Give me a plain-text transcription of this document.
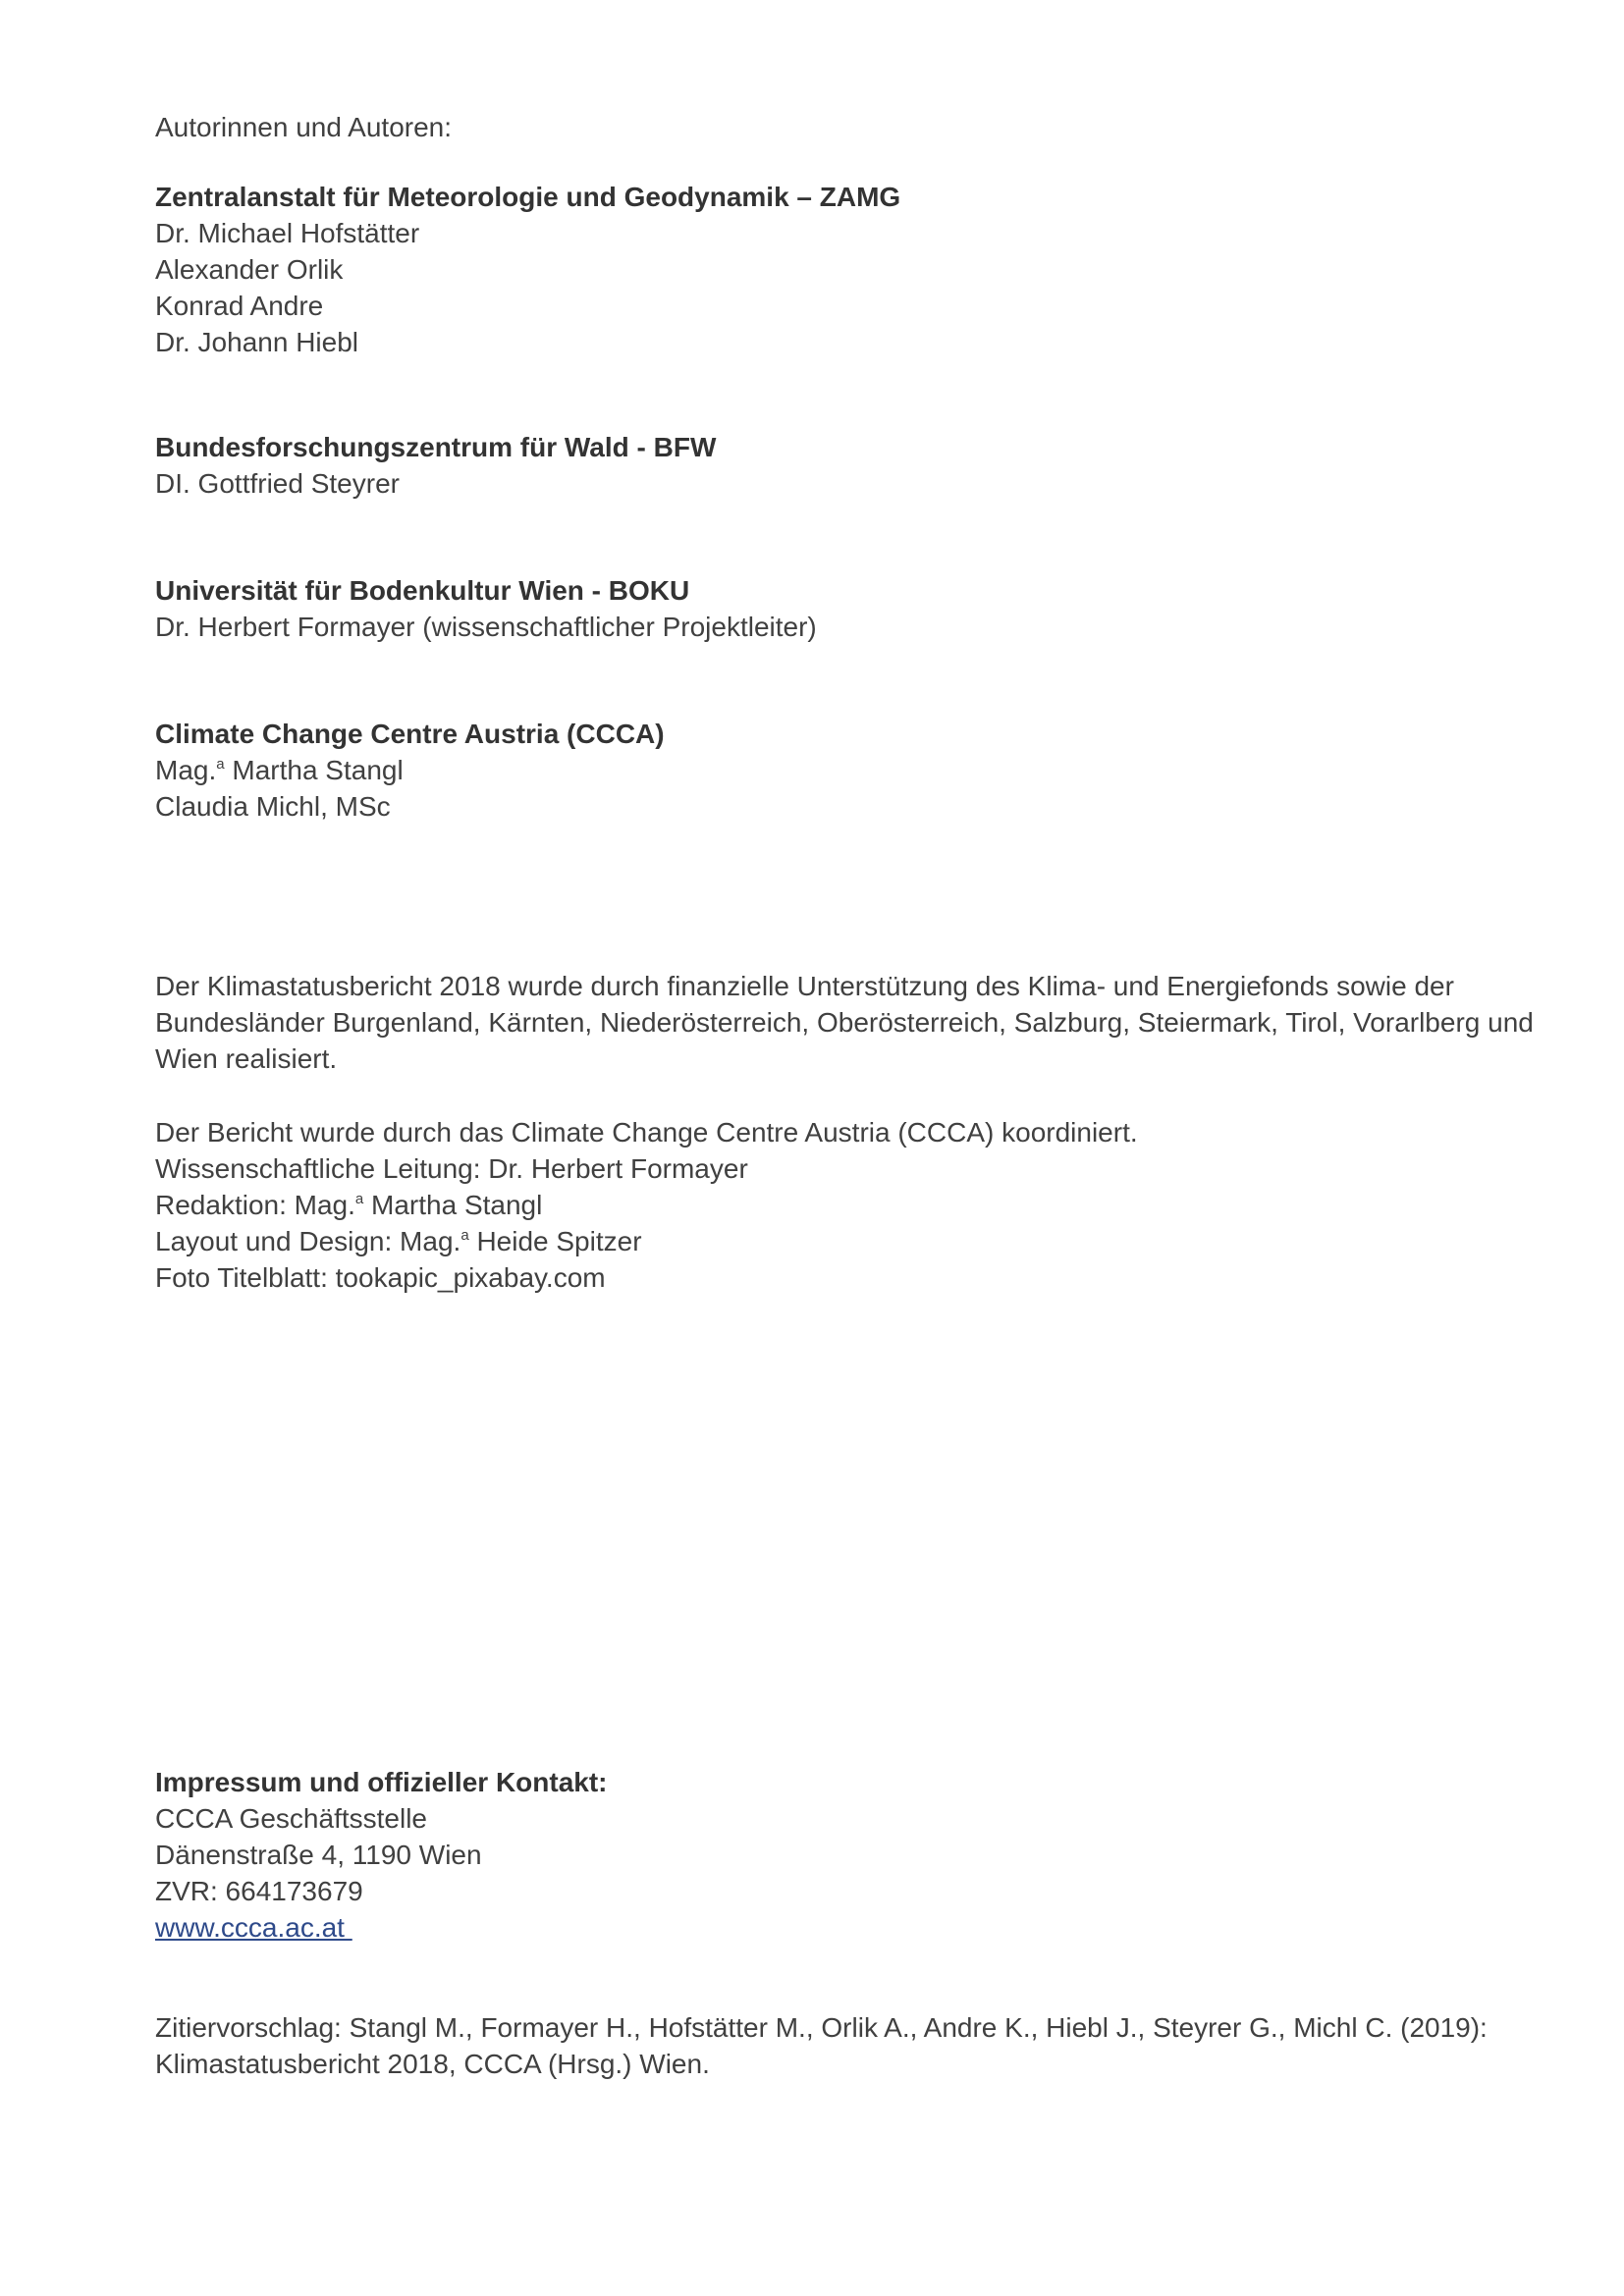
Autorinnen und Autoren:
Zentralanstalt für Meteorologie und Geodynamik – ZAMG
Dr. Michael Hofstätter
Alexander Orlik
Konrad Andre
Dr. Johann Hiebl
Bundesforschungszentrum für Wald - BFW
DI. Gottfried Steyrer
Universität für Bodenkultur Wien - BOKU
Dr. Herbert Formayer (wissenschaftlicher Projektleiter)
Climate Change Centre Austria (CCCA)
Mag.$^a$ Martha Stangl
Claudia Michl, MSc
Der Klimastatusbericht 2018 wurde durch finanzielle Unterstützung des Klima- und Energiefonds sowie der
Bundesländer Burgenland, Kärnten, Niederösterreich, Oberösterreich, Salzburg, Steiermark, Tirol, Vorarlberg und
Wien realisiert.
Der Bericht wurde durch das Climate Change Centre Austria (CCCA) koordiniert.
Wissenschaftliche Leitung: Dr. Herbert Formayer
Redaktion: Mag.$^a$ Martha Stangl
Layout und Design: Mag.$^a$ Heide Spitzer
Foto Titelblatt: tookapic_pixabay.com
Impressum und offizieller Kontakt:
CCCA Geschäftsstelle
Dänenstraße 4, 1190 Wien
ZVR: 664173679
www.ccca.ac.at
Zitiervorschlag: Stangl M., Formayer H., Hofstätter M., Orlik A., Andre K., Hiebl J., Steyrer G., Michl C. (2019):
Klimastatusbericht 2018, CCCA (Hrsg.) Wien.
